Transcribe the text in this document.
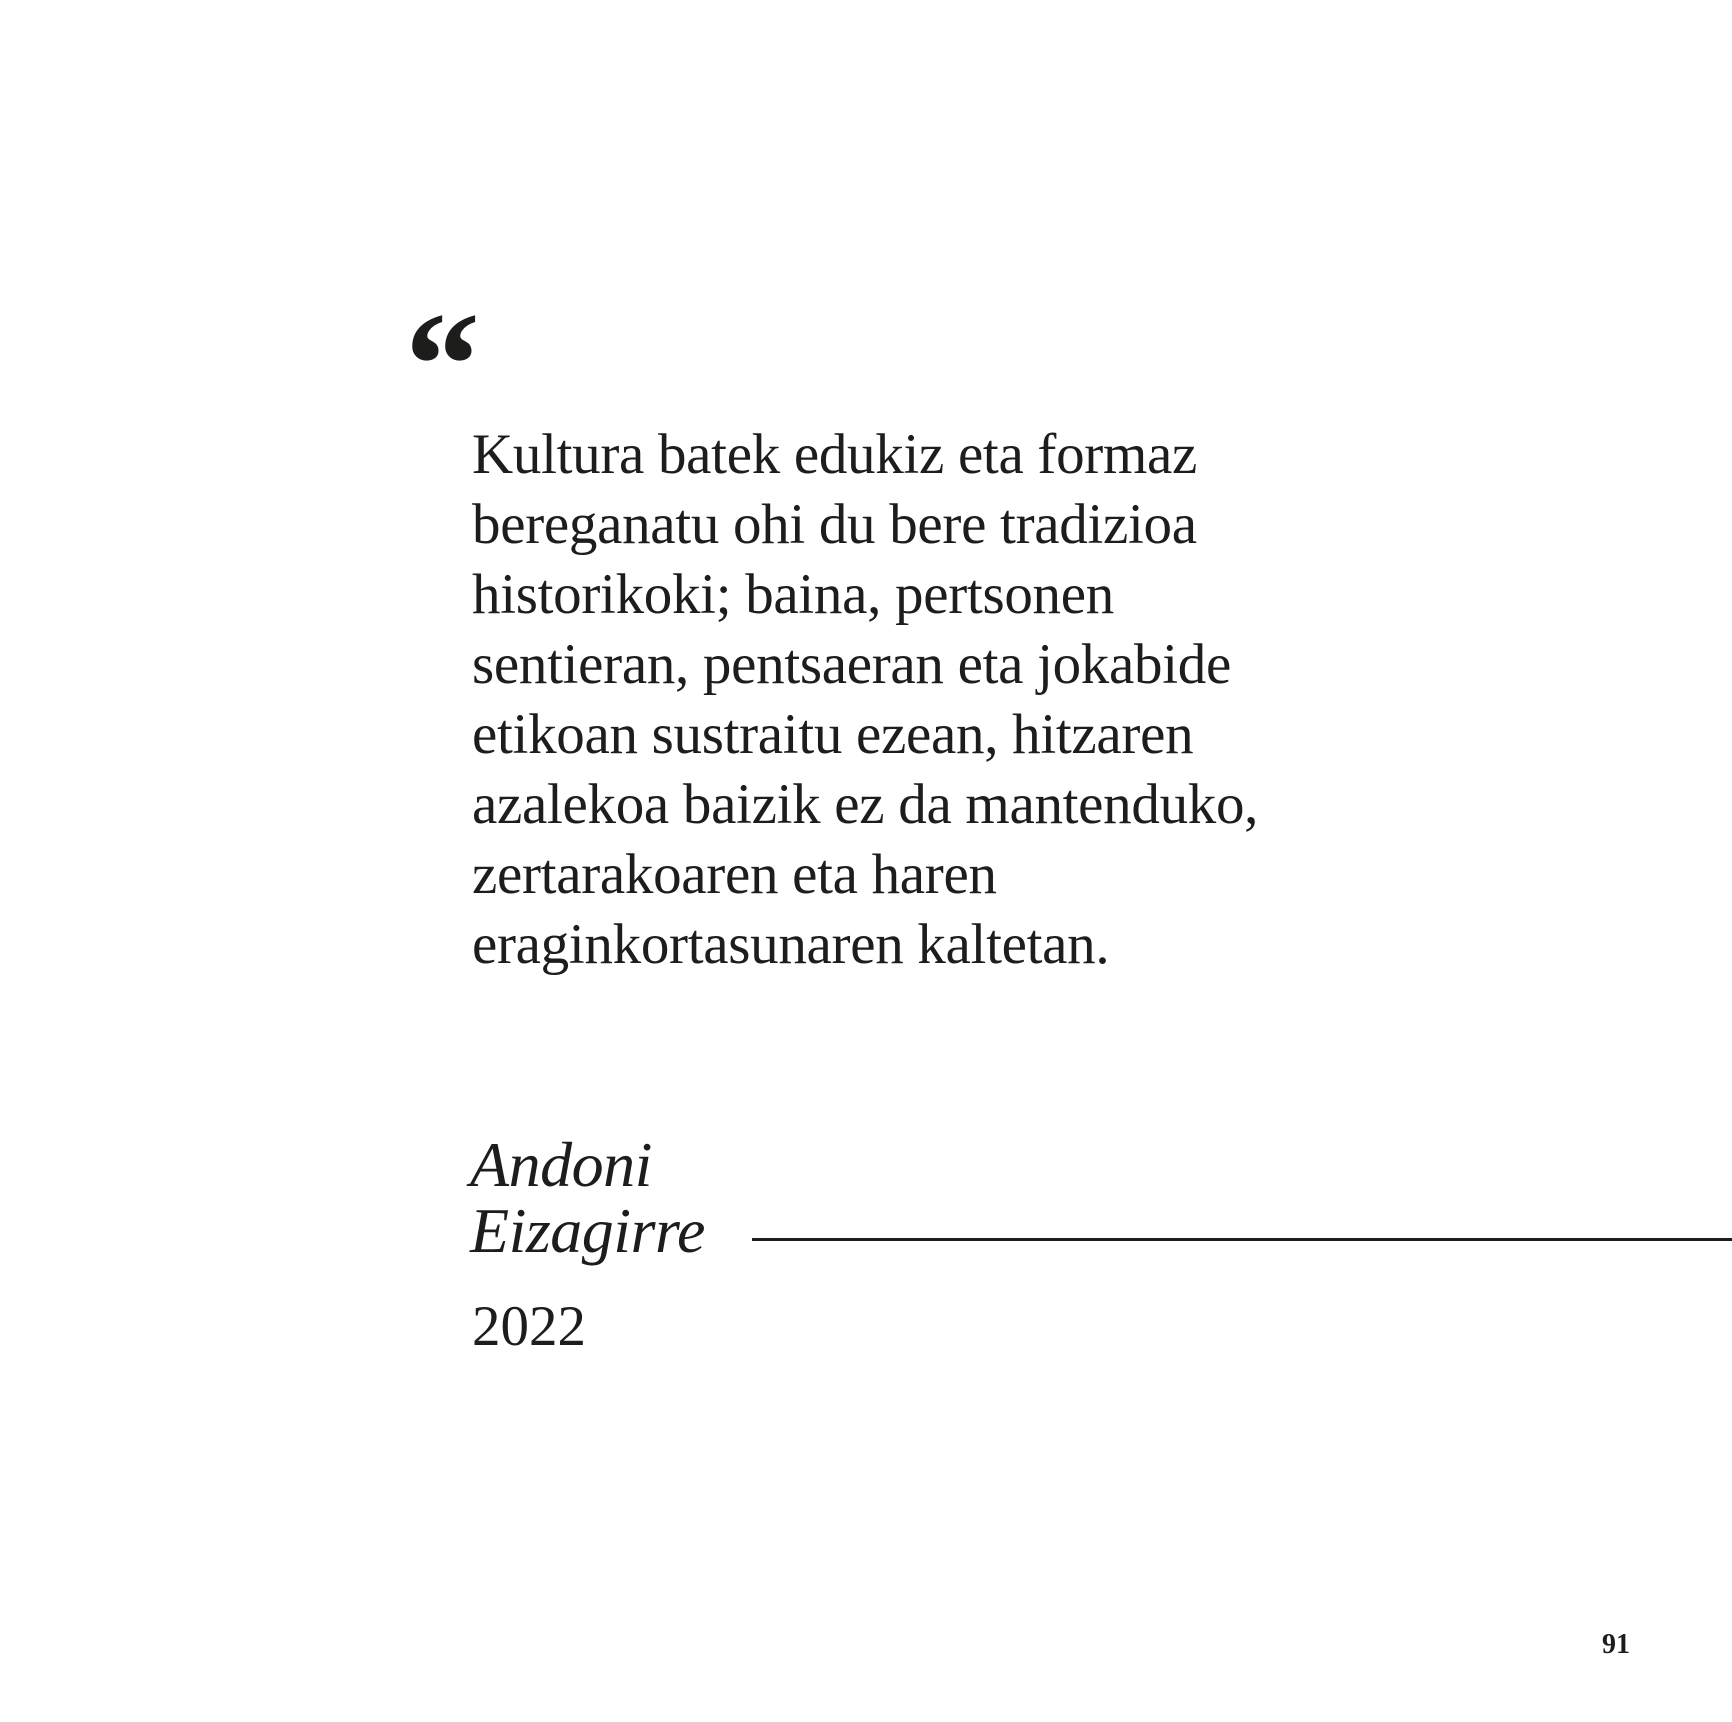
“
Kultura batek edukiz eta formaz
bereganatu ohi du bere tradizioa
historikoki; baina, pertsonen
sentieran, pentsaeran eta jokabide
etikoan sustraitu ezean, hitzaren
azalekoa baizik ez da mantenduko,
zertarakoaren eta haren
eraginkortasunaren kaltetan.
Andoni
Eizagirre
2022
91
